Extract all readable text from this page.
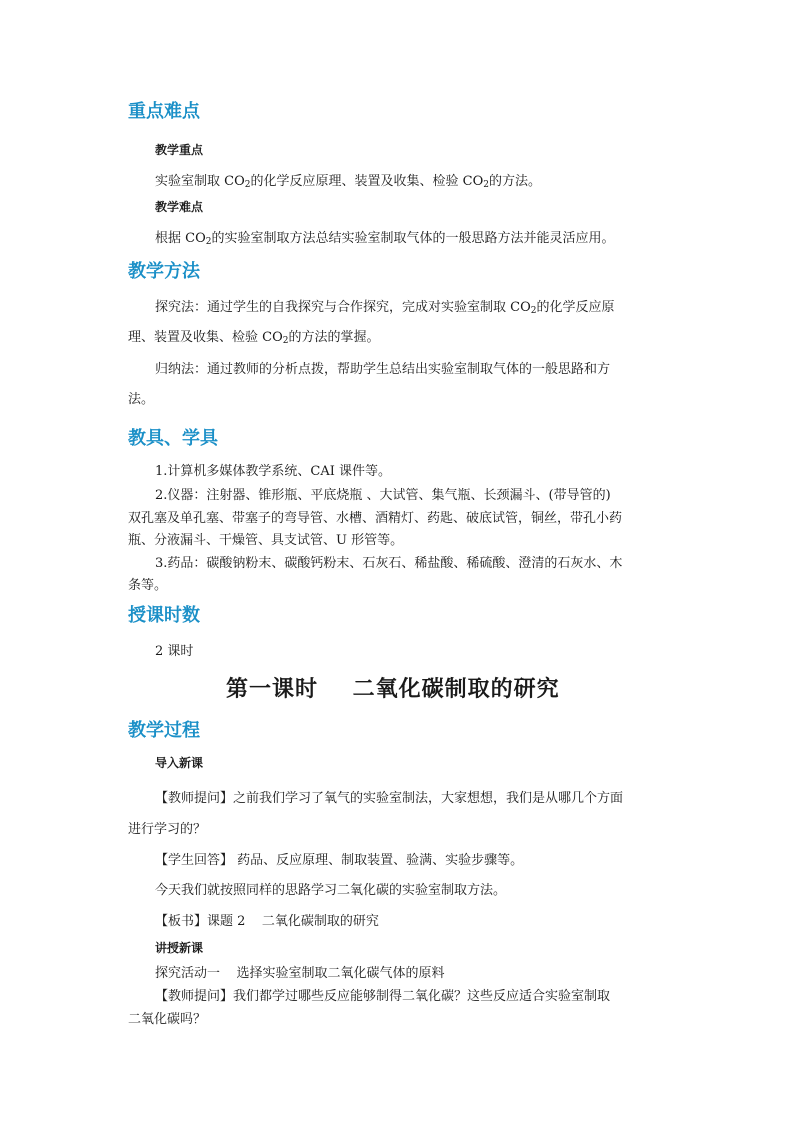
重点难点
教学重点
实验室制取 $CO_2$的化学反应原理、装置及收集、检验 $CO_2$的方法。
教学难点
根据 $CO_2$的实验室制取方法总结实验室制取气体的一般思路方法并能灵活应用。
教学方法
探究法：通过学生的自我探究与合作探究，完成对实验室制取 $CO_2$的化学反应原
理、装置及收集、检验 $CO_2$的方法的掌握。
归纳法：通过教师的分析点拨，帮助学生总结出实验室制取气体的一般思路和方
法。
教具、学具
1.计算机多媒体教学系统、CAI 课件等。
2.仪器：注射器、锥形瓶、平底烧瓶 、大试管、集气瓶、长颈漏斗、(带导管的)
双孔塞及单孔塞、带塞子的弯导管、水槽、酒精灯、药匙、破底试管，铜丝，带孔小药
瓶、分液漏斗、干燥管、具支试管、U 形管等。
3.药品：碳酸钠粉末、碳酸钙粉末、石灰石、稀盐酸、稀硫酸、澄清的石灰水、木
条等。
授课时数
2 课时
第一课时    二氧化碳制取的研究
教学过程
导入新课
【教师提问】之前我们学习了氧气的实验室制法，大家想想，我们是从哪几个方面
进行学习的？
【学生回答】 药品、反应原理、制取装置、验满、实验步骤等。
今天我们就按照同样的思路学习二氧化碳的实验室制取方法。
【板书】课题 2    二氧化碳制取的研究
讲授新课
探究活动一    选择实验室制取二氧化碳气体的原料
【教师提问】我们都学过哪些反应能够制得二氧化碳？这些反应适合实验室制取
二氧化碳吗？
